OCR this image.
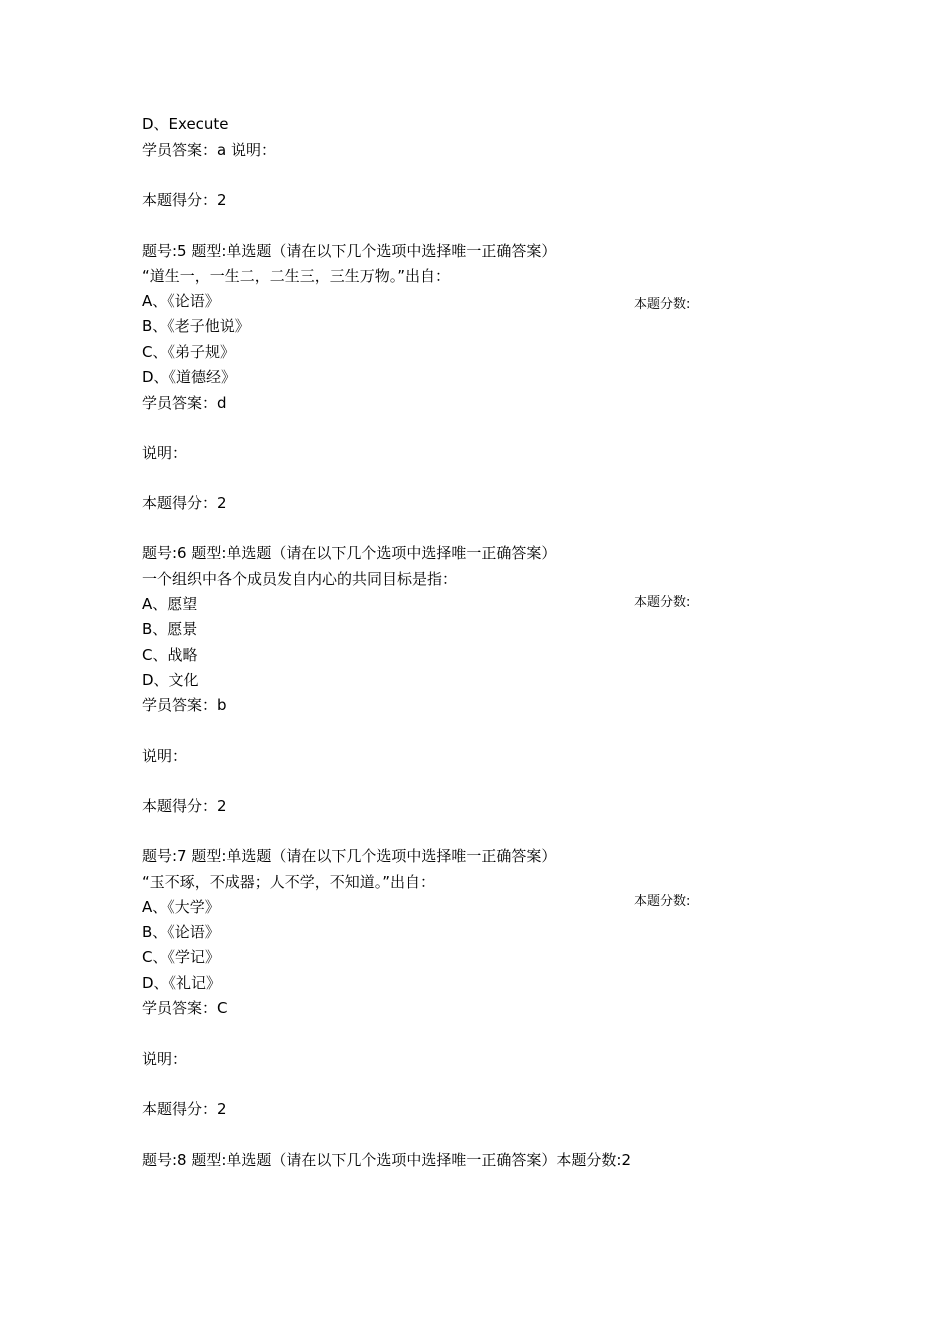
D、Execute
学员答案：a 说明：
本题得分：2
题号:5 题型:单选题（请在以下几个选项中选择唯一正确答案）
“道生一，一生二，二生三，三生万物。”出自：
本题分数:
A、《论语》
B、《老子他说》
C、《弟子规》
D、《道德经》
学员答案：d
说明：
本题得分：2
题号:6 题型:单选题（请在以下几个选项中选择唯一正确答案）
一个组织中各个成员发自内心的共同目标是指：
本题分数:
A、愿望
B、愿景
C、战略
D、文化
学员答案：b
说明：
本题得分：2
题号:7 题型:单选题（请在以下几个选项中选择唯一正确答案）
“玉不琢，不成器；人不学，不知道。”出自：
本题分数:
A、《大学》
B、《论语》
C、《学记》
D、《礼记》
学员答案：C
说明：
本题得分：2
题号:8 题型:单选题（请在以下几个选项中选择唯一正确答案）本题分数:2
